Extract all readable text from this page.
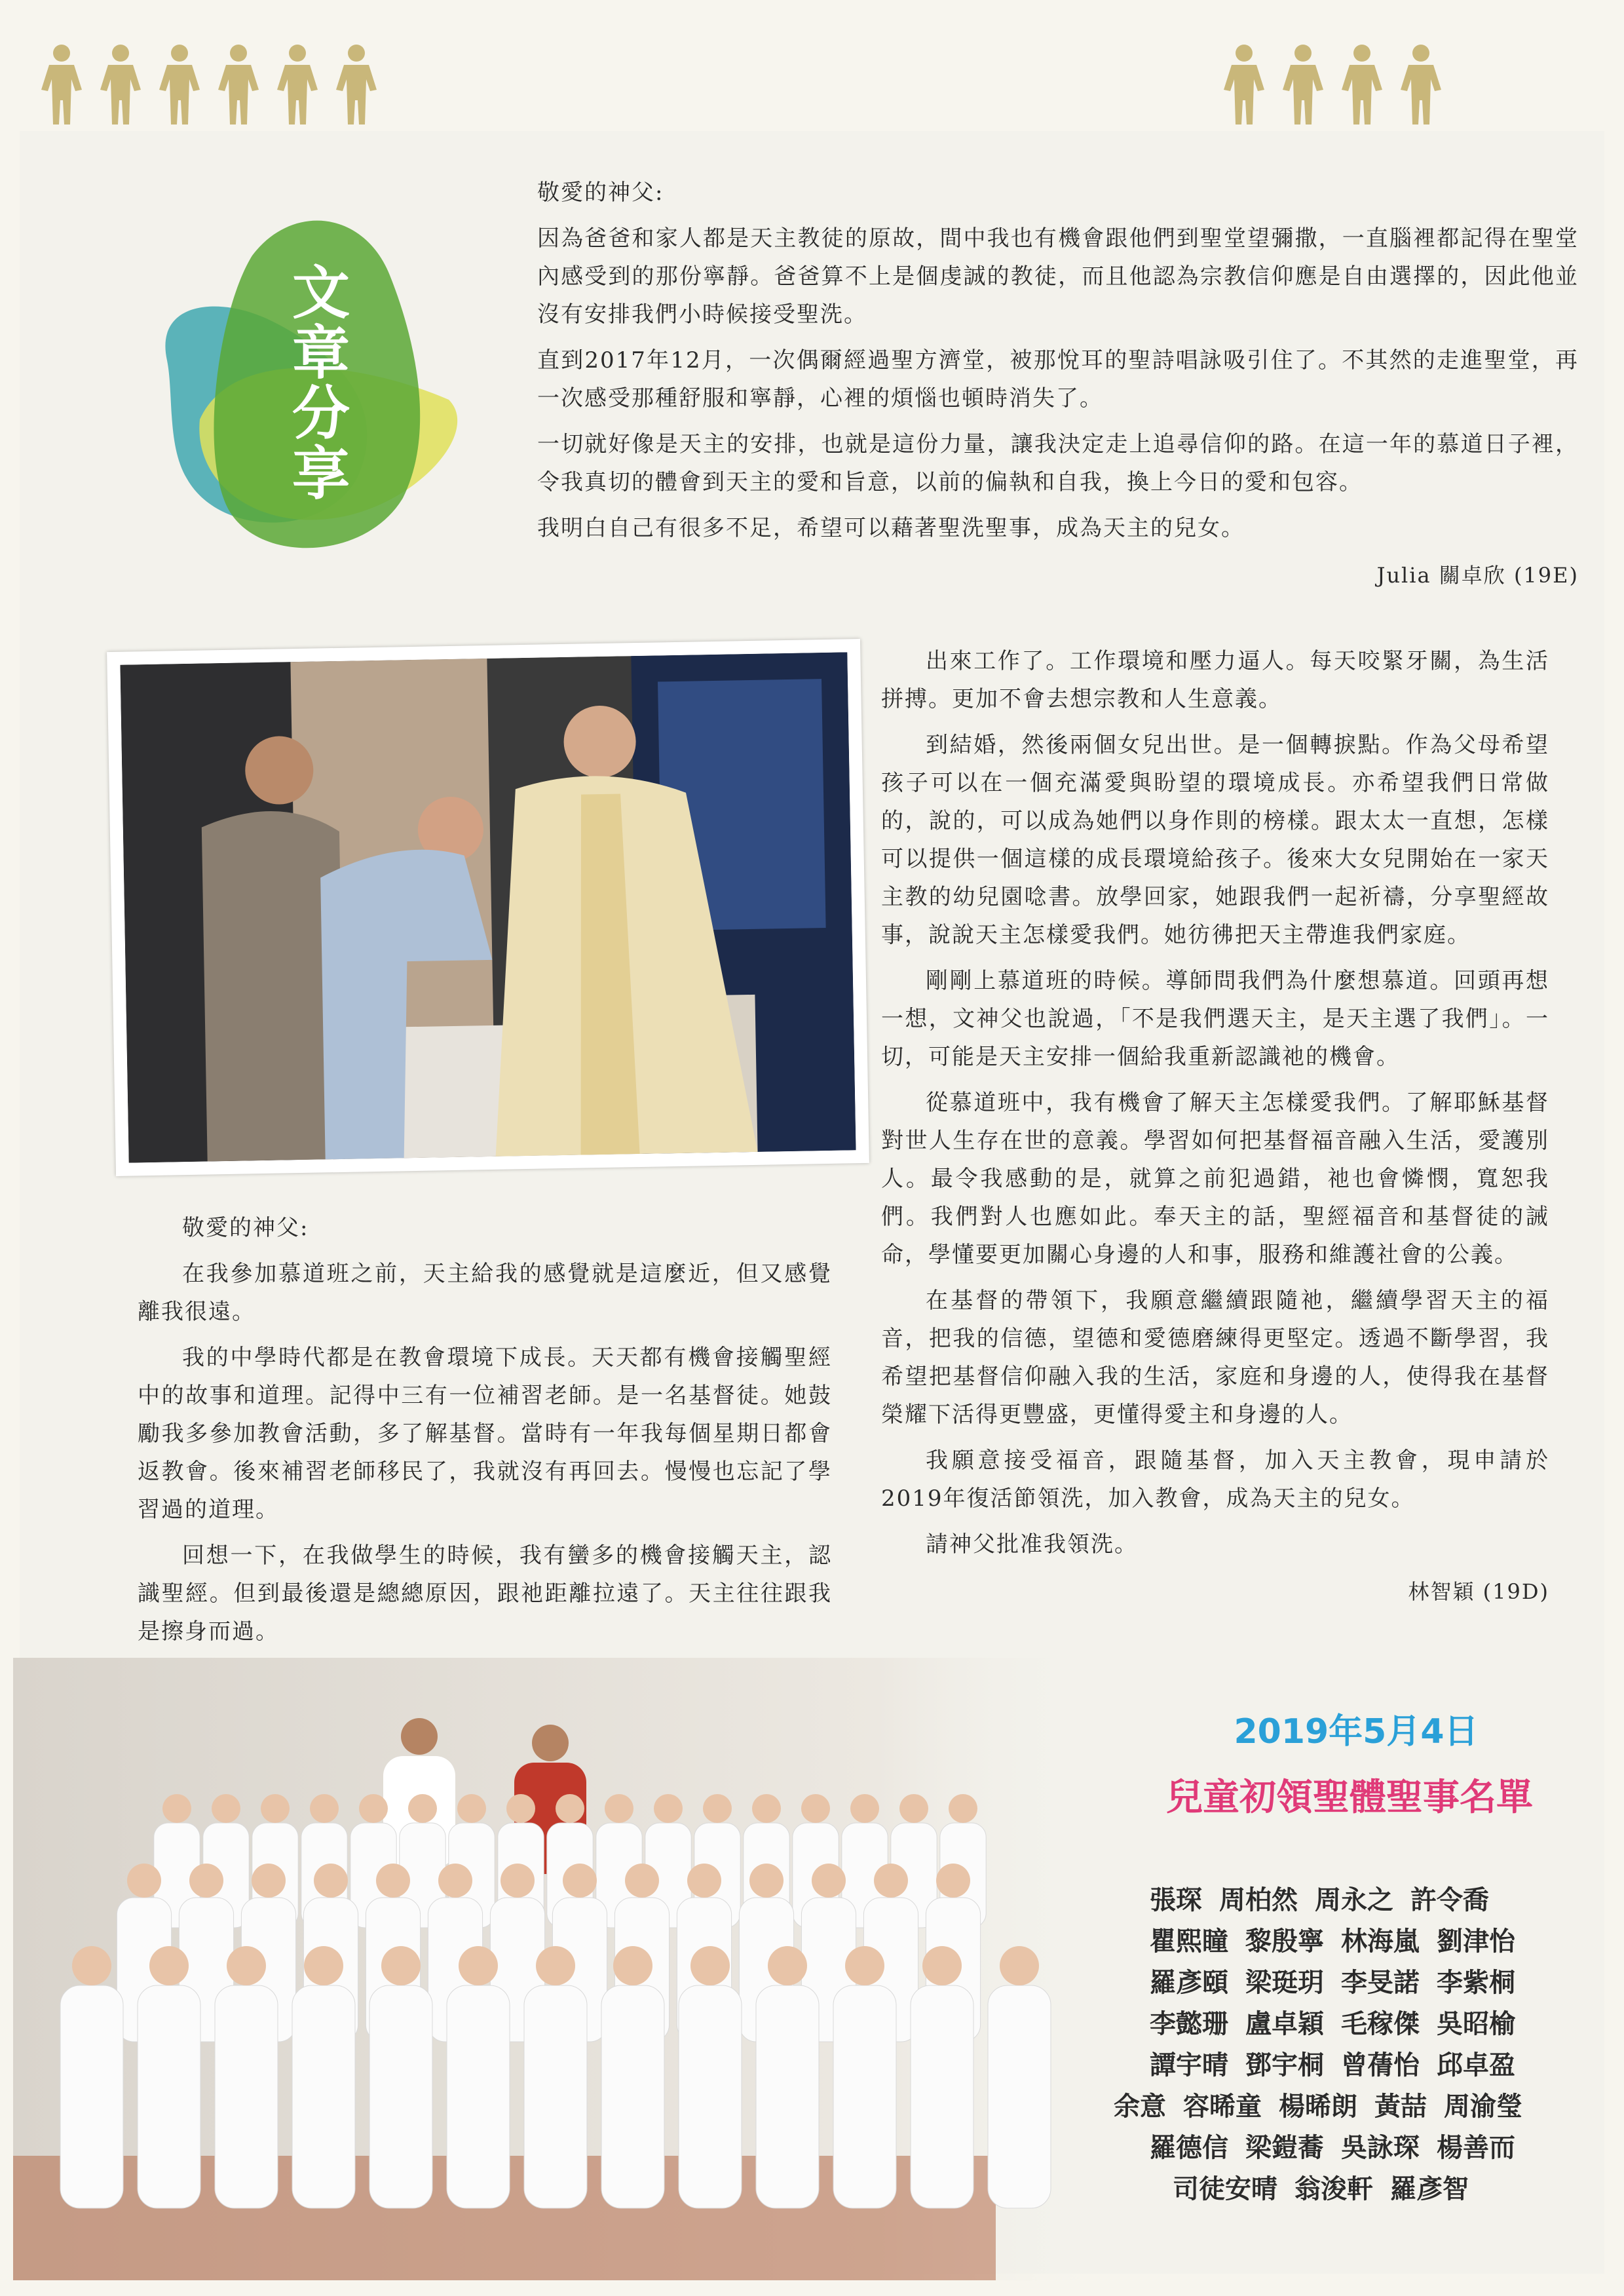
文章分享

敬愛的神父:

因為爸爸和家人都是天主教徒的原故，間中我也有機會跟他們到聖堂望彌撒，一直腦裡都記得在聖堂內感受到的那份寧靜。爸爸算不上是個虔誠的教徒，而且他認為宗教信仰應是自由選擇的，因此他並沒有安排我們小時候接受聖洗。

直到2017年12月，一次偶爾經過聖方濟堂，被那悅耳的聖詩唱詠吸引住了。不其然的走進聖堂，再一次感受那種舒服和寧靜，心裡的煩惱也頓時消失了。

一切就好像是天主的安排，也就是這份力量，讓我決定走上追尋信仰的路。在這一年的慕道日子裡，令我真切的體會到天主的愛和旨意，以前的偏執和自我，換上今日的愛和包容。

我明白自己有很多不足，希望可以藉著聖洗聖事，成為天主的兒女。

Julia 關卓欣 (19E)

出來工作了。工作環境和壓力逼人。每天咬緊牙關，為生活拼搏。更加不會去想宗教和人生意義。

到結婚，然後兩個女兒出世。是一個轉捩點。作為父母希望孩子可以在一個充滿愛與盼望的環境成長。亦希望我們日常做的，說的，可以成為她們以身作則的榜樣。跟太太一直想，怎樣可以提供一個這樣的成長環境給孩子。後來大女兒開始在一家天主教的幼兒園唸書。放學回家，她跟我們一起祈禱，分享聖經故事，說說天主怎樣愛我們。她彷彿把天主帶進我們家庭。

剛剛上慕道班的時候。導師問我們為什麼想慕道。回頭再想一想，文神父也說過，「不是我們選天主，是天主選了我們」。一切，可能是天主安排一個給我重新認識祂的機會。

從慕道班中，我有機會了解天主怎樣愛我們。了解耶穌基督對世人生存在世的意義。學習如何把基督福音融入生活，愛護別人。最令我感動的是，就算之前犯過錯，祂也會憐憫，寬恕我們。我們對人也應如此。奉天主的話，聖經福音和基督徒的誡命，學懂要更加關心身邊的人和事，服務和維護社會的公義。

在基督的帶領下，我願意繼續跟隨祂，繼續學習天主的福音，把我的信德，望德和愛德磨練得更堅定。透過不斷學習，我希望把基督信仰融入我的生活，家庭和身邊的人，使得我在基督榮耀下活得更豐盛，更懂得愛主和身邊的人。

我願意接受福音，跟隨基督，加入天主教會，現申請於2019年復活節領洗，加入教會，成為天主的兒女。

請神父批准我領洗。

林智穎 (19D)

敬愛的神父:

在我參加慕道班之前，天主給我的感覺就是這麼近，但又感覺離我很遠。

我的中學時代都是在教會環境下成長。天天都有機會接觸聖經中的故事和道理。記得中三有一位補習老師。是一名基督徒。她鼓勵我多參加教會活動，多了解基督。當時有一年我每個星期日都會返教會。後來補習老師移民了，我就沒有再回去。慢慢也忘記了學習過的道理。

回想一下，在我做學生的時候，我有蠻多的機會接觸天主，認識聖經。但到最後還是總總原因，跟祂距離拉遠了。天主往往跟我是擦身而過。

2019年5月4日
兒童初領聖體聖事名單
張琛 周柏然 周永之 許令喬
瞿熙瞳 黎殷寧 林海嵐 劉津怡
羅彥頤 梁珽玥 李旻諾 李紫桐
李懿珊 盧卓穎 毛稼傑 吳昭榆
譚宇晴 鄧宇桐 曾蒨怡 邱卓盈
余意 容晞童 楊晞朗 黃喆 周渝瑩
羅德信 梁鎧蕎 吳詠琛 楊善而
司徒安晴 翁浚軒 羅彥智
